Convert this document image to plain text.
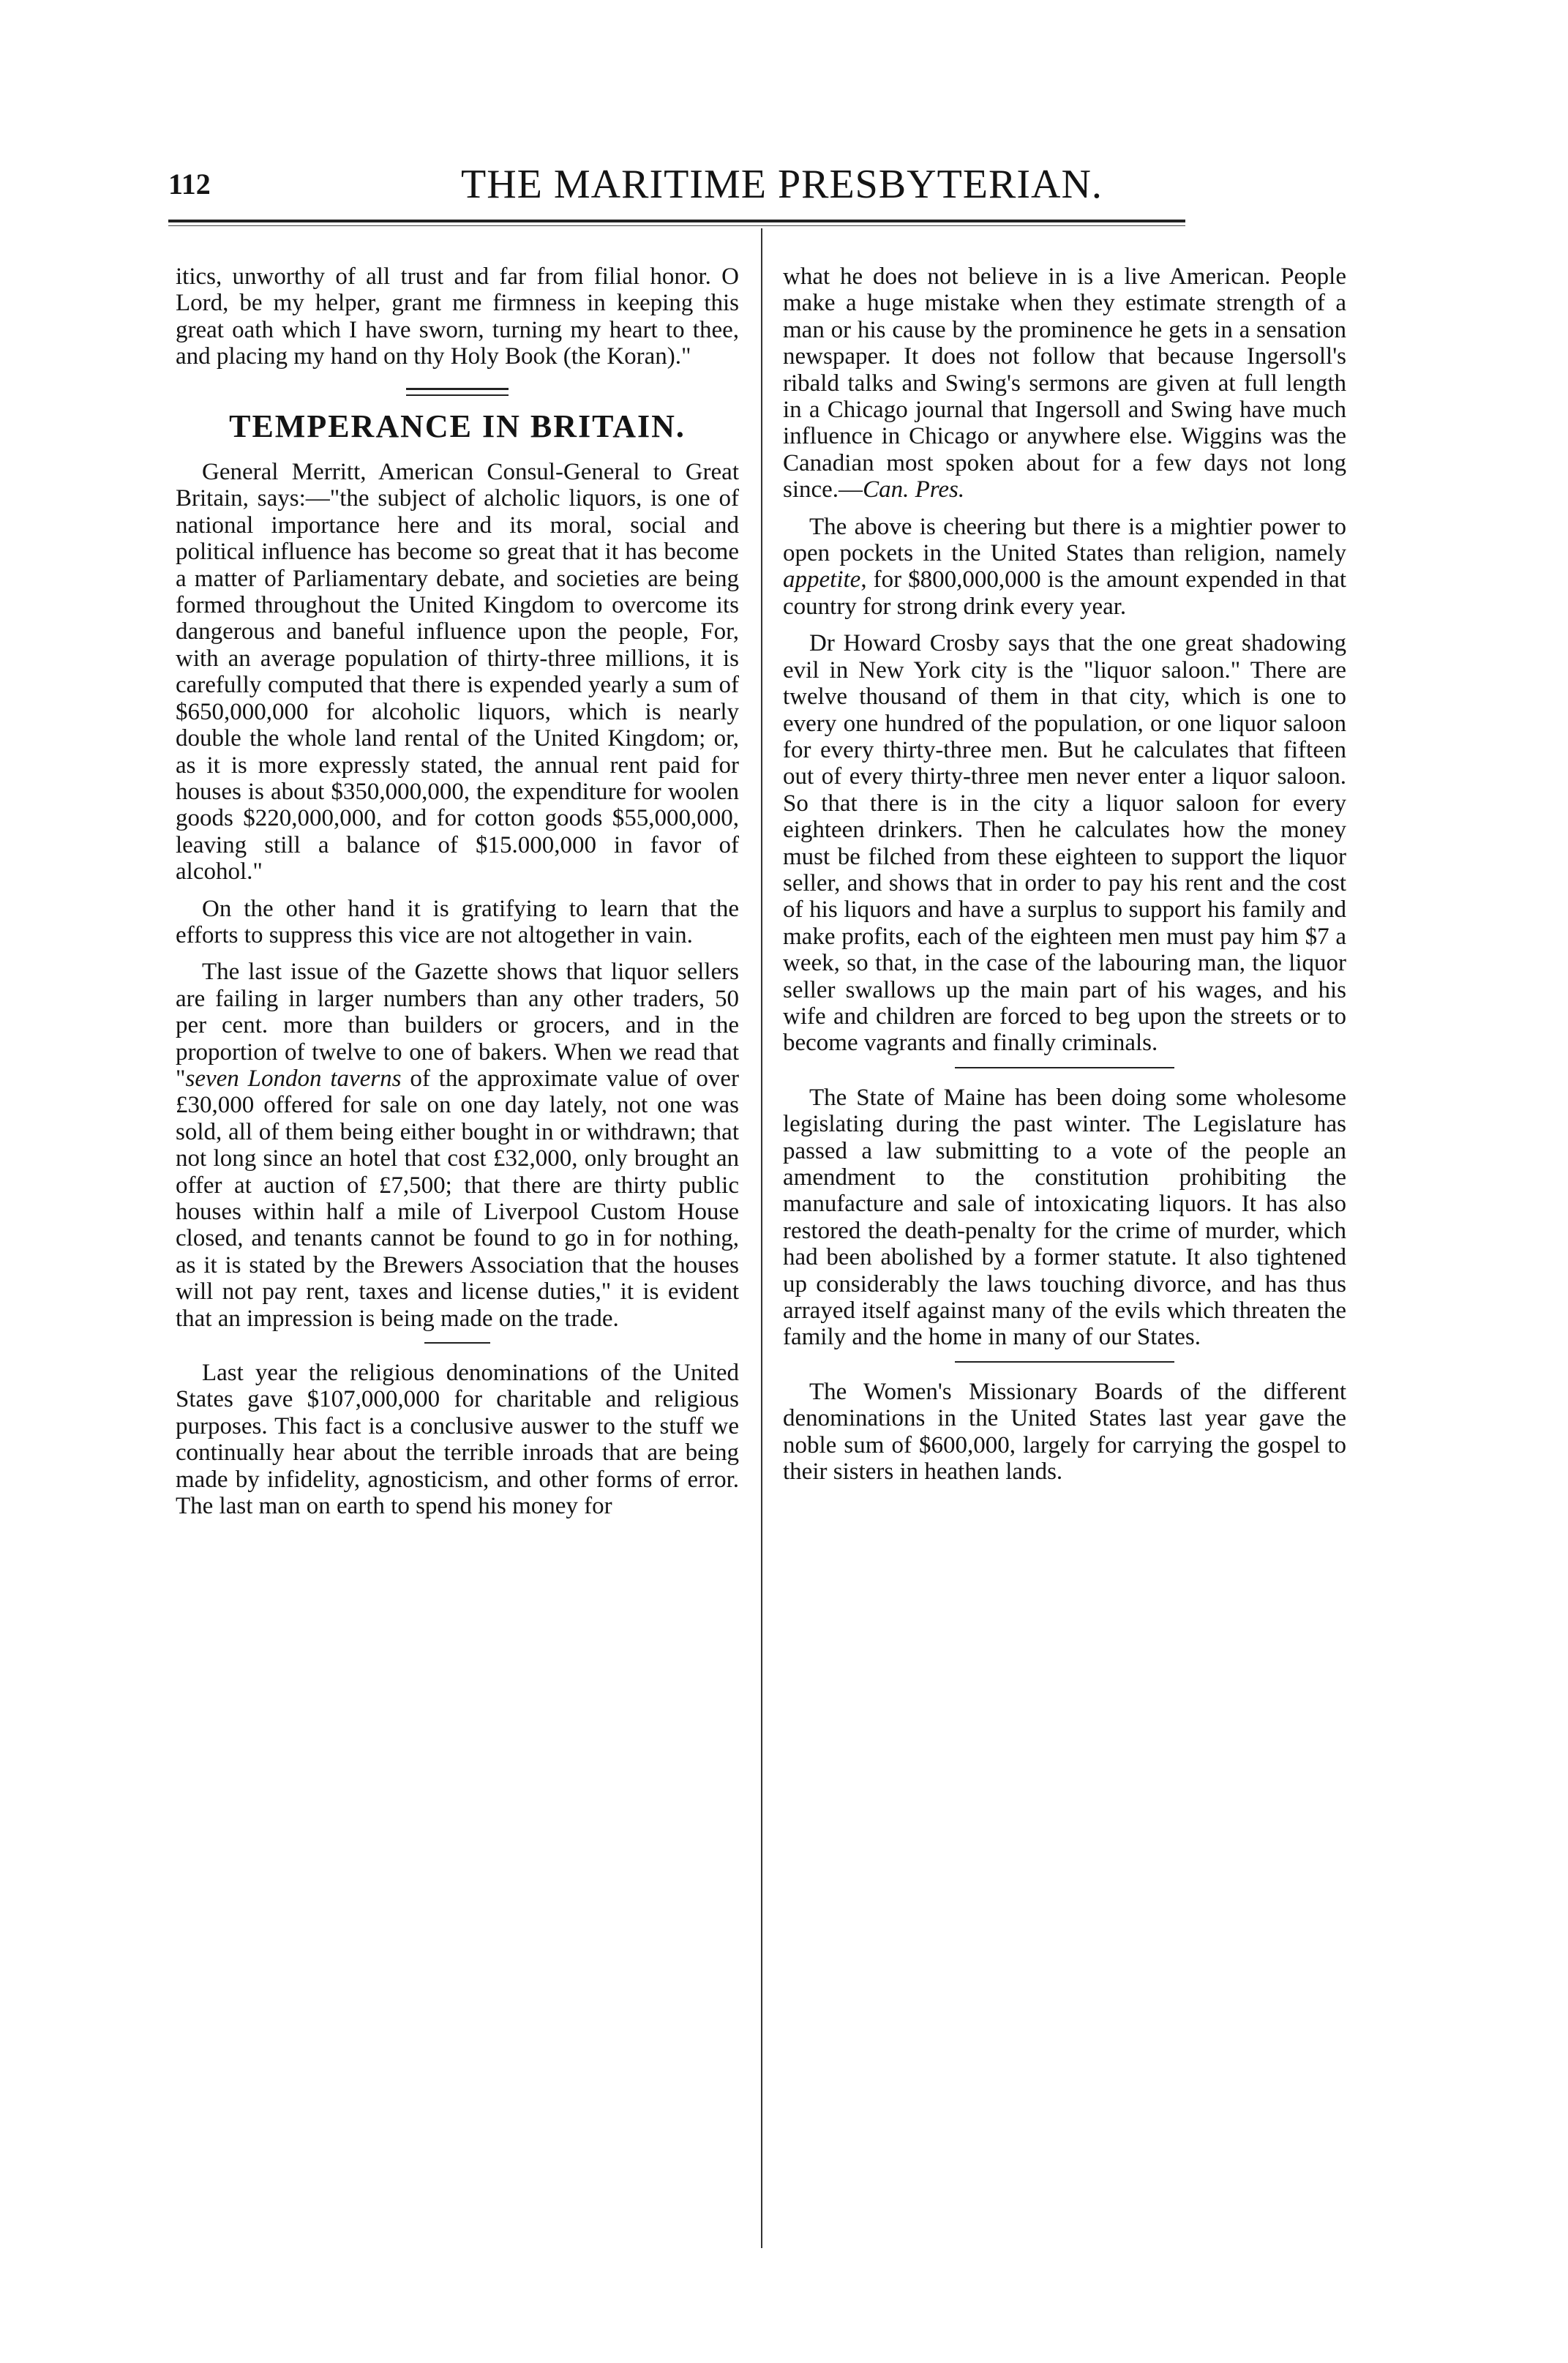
112	THE MARITIME PRESBYTERIAN.

itics, unworthy of all trust and far from filial honor. O Lord, be my helper, grant me firmness in keeping this great oath which I have sworn, turning my heart to thee, and placing my hand on thy Holy Book (the Koran)."

TEMPERANCE IN BRITAIN.

General Merritt, American Consul-General to Great Britain, says:—"the subject of alcholic liquors, is one of national importance here and its moral, social and political influence has become so great that it has become a matter of Parliamentary debate, and societies are being formed throughout the United Kingdom to overcome its dangerous and baneful influence upon the people, For, with an average population of thirty-three millions, it is carefully computed that there is expended yearly a sum of $650,000,000 for alcoholic liquors, which is nearly double the whole land rental of the United Kingdom; or, as it is more expressly stated, the annual rent paid for houses is about $350,000,000, the expenditure for woolen goods $220,000,000, and for cotton goods $55,000,000, leaving still a balance of $15.000,000 in favor of alcohol."

On the other hand it is gratifying to learn that the efforts to suppress this vice are not altogether in vain.

The last issue of the Gazette shows that liquor sellers are failing in larger numbers than any other traders, 50 per cent. more than builders or grocers, and in the proportion of twelve to one of bakers. When we read that "seven London taverns of the approximate value of over £30,000 offered for sale on one day lately, not one was sold, all of them being either bought in or withdrawn; that not long since an hotel that cost £32,000, only brought an offer at auction of £7,500; that there are thirty public houses within half a mile of Liverpool Custom House closed, and tenants cannot be found to go in for nothing, as it is stated by the Brewers Association that the houses will not pay rent, taxes and license duties," it is evident that an impression is being made on the trade.

Last year the religious denominations of the United States gave $107,000,000 for charitable and religious purposes. This fact is a conclusive auswer to the stuff we continually hear about the terrible inroads that are being made by infidelity, agnosticism, and other forms of error. The last man on earth to spend his money for

what he does not believe in is a live American. People make a huge mistake when they estimate strength of a man or his cause by the prominence he gets in a sensation newspaper. It does not follow that because Ingersoll's ribald talks and Swing's sermons are given at full length in a Chicago journal that Ingersoll and Swing have much influence in Chicago or anywhere else. Wiggins was the Canadian most spoken about for a few days not long since.—Can. Pres.

The above is cheering but there is a mightier power to open pockets in the United States than religion, namely appetite, for $800,000,000 is the amount expended in that country for strong drink every year.

Dr Howard Crosby says that the one great shadowing evil in New York city is the "liquor saloon." There are twelve thousand of them in that city, which is one to every one hundred of the population, or one liquor saloon for every thirty-three men. But he calculates that fifteen out of every thirty-three men never enter a liquor saloon. So that there is in the city a liquor saloon for every eighteen drinkers. Then he calculates how the money must be filched from these eighteen to support the liquor seller, and shows that in order to pay his rent and the cost of his liquors and have a surplus to support his family and make profits, each of the eighteen men must pay him $7 a week, so that, in the case of the labouring man, the liquor seller swallows up the main part of his wages, and his wife and children are forced to beg upon the streets or to become vagrants and finally criminals.

The State of Maine has been doing some wholesome legislating during the past winter. The Legislature has passed a law submitting to a vote of the people an amendment to the constitution prohibiting the manufacture and sale of intoxicating liquors. It has also restored the death-penalty for the crime of murder, which had been abolished by a former statute. It also tightened up considerably the laws touching divorce, and has thus arrayed itself against many of the evils which threaten the family and the home in many of our States.

The Women's Missionary Boards of the different denominations in the United States last year gave the noble sum of $600,000, largely for carrying the gospel to their sisters in heathen lands.
